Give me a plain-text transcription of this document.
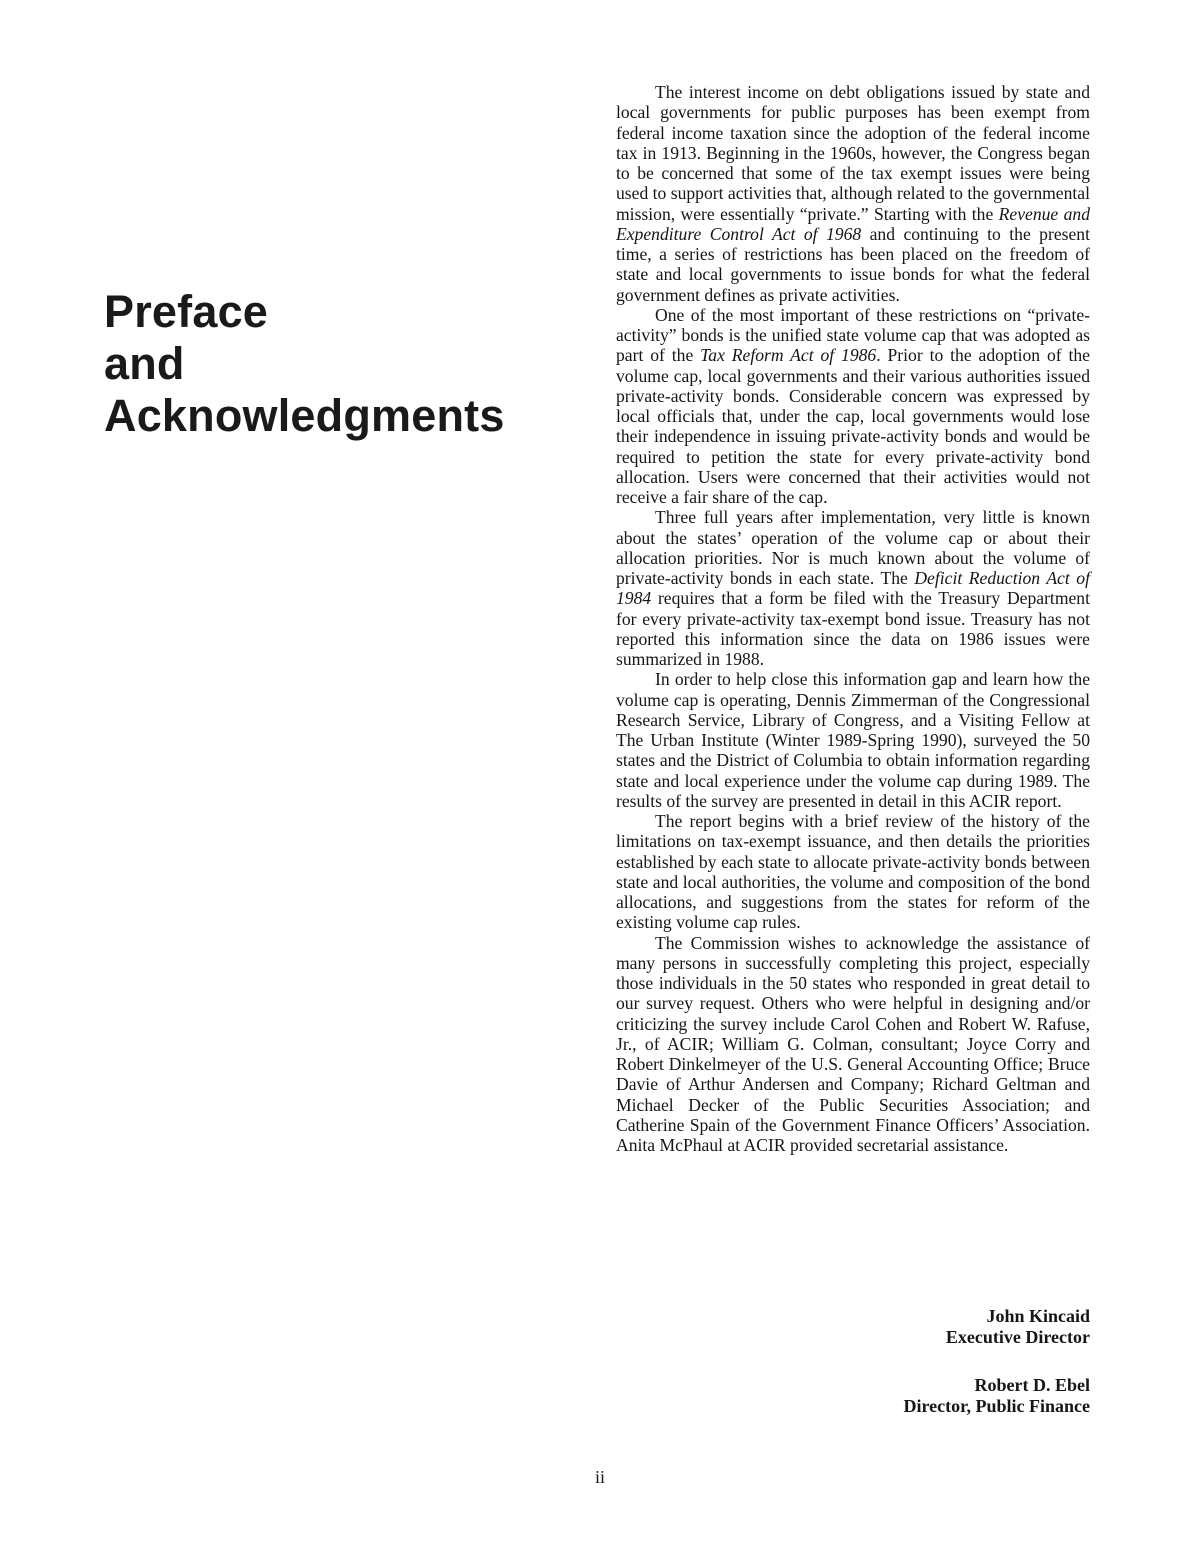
Preface
and
Acknowledgments

The interest income on debt obligations issued by state and local governments for public purposes has been exempt from federal income taxation since the adoption of the federal income tax in 1913. Beginning in the 1960s, however, the Congress began to be concerned that some of the tax exempt issues were being used to support activities that, although related to the governmental mission, were essentially “private.” Starting with the Revenue and Expenditure Control Act of 1968 and continuing to the present time, a series of restrictions has been placed on the freedom of state and local governments to issue bonds for what the federal government defines as private activities.

One of the most important of these restrictions on “private- activity” bonds is the unified state volume cap that was adopted as part of the Tax Reform Act of 1986. Prior to the adoption of the volume cap, local governments and their various authorities issued private-activity bonds. Considerable concern was expressed by local officials that, under the cap, local governments would lose their independence in issuing private-activity bonds and would be required to petition the state for every private-activity bond allocation. Users were concerned that their activities would not receive a fair share of the cap.

Three full years after implementation, very little is known about the states’ operation of the volume cap or about their allocation priorities. Nor is much known about the volume of private-activity bonds in each state. The Deficit Reduction Act of 1984 requires that a form be filed with the Treasury Department for every private-activity tax-exempt bond issue. Treasury has not reported this information since the data on 1986 issues were summarized in 1988.

In order to help close this information gap and learn how the volume cap is operating, Dennis Zimmerman of the Congressional Research Service, Library of Congress, and a Visiting Fellow at The Urban Institute (Winter 1989-Spring 1990), surveyed the 50 states and the District of Columbia to obtain information regarding state and local experience under the volume cap during 1989. The results of the survey are presented in detail in this ACIR report.

The report begins with a brief review of the history of the limitations on tax-exempt issuance, and then details the priorities established by each state to allocate private-activity bonds between state and local authorities, the volume and composition of the bond allocations, and suggestions from the states for reform of the existing volume cap rules.

The Commission wishes to acknowledge the assistance of many persons in successfully completing this project, especially those individuals in the 50 states who responded in great detail to our survey request. Others who were helpful in designing and/or criticizing the survey include Carol Cohen and Robert W. Rafuse, Jr., of ACIR; William G. Colman, consultant; Joyce Corry and Robert Dinkelmeyer of the U.S. General Accounting Office; Bruce Davie of Arthur Andersen and Company; Richard Geltman and Michael Decker of the Public Securities Association; and Catherine Spain of the Government Finance Officers’ Association. Anita McPhaul at ACIR provided secretarial assistance.

John Kincaid
Executive Director
Robert D. Ebel
Director, Public Finance
ii
